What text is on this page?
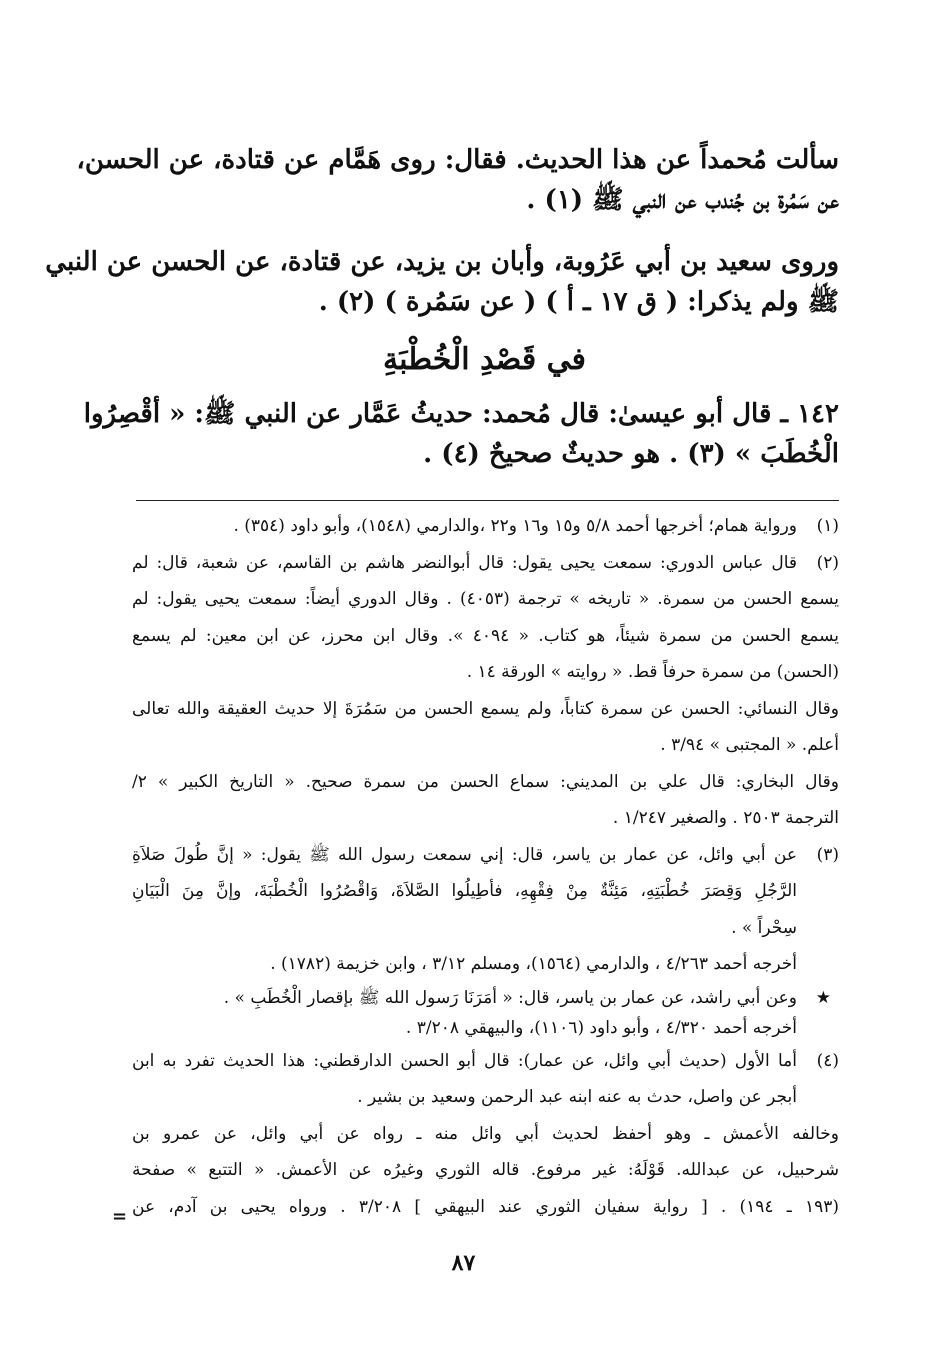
سألت مُحمداً عن هذا الحديث. فقال: روى هَمَّام عن قتادة، عن الحسن،
عن سَمُرة بن جُندب عن النبي ﷺ (١) .
وروى سعيد بن أبي عَرُوبة، وأبان بن يزيد، عن قتادة، عن الحسن عن النبي
ﷺ ولم يذكرا: ( ق ١٧ ـ أ ) ( عن سَمُرة ) (٢) .
في قَصْدِ الْخُطْبَةِ
١٤٢ ـ قال أبو عيسىٰ: قال مُحمد: حديثُ عَمَّار عن النبي ﷺ: « أقْصِرُوا
الْخُطَبَ » (٣) . هو حديثٌ صحيحٌ (٤) .
(١)ورواية همام؛ أخرجها أحمد ٥/٨ و١٥ و١٦ و٢٢ ،والدارمي (١٥٤٨)، وأبو داود (٣٥٤) .
(٢)قال عباس الدوري: سمعت يحيى يقول: قال أبوالنضر هاشم بن القاسم، عن شعبة، قال: لم
يسمع الحسن من سمرة. « تاريخه » ترجمة (٤٠٥٣) . وقال الدوري أيضاً: سمعت يحيى يقول: لم
يسمع الحسن من سمرة شيئاً، هو كتاب. « ٤٠٩٤ ». وقال ابن محرز، عن ابن معين: لم يسمع
(الحسن) من سمرة حرفاً قط. « روايته » الورقة ١٤ .
وقال النسائي: الحسن عن سمرة كتاباً، ولم يسمع الحسن من سَمُرَةَ إلا حديث العقيقة والله تعالى
أعلم. « المجتبى » ٣/٩٤ .
وقال البخاري: قال علي بن المديني: سماع الحسن من سمرة صحيح. « التاريخ الكبير » ٢/
الترجمة ٢٥٠٣ . والصغير ١/٢٤٧ .
(٣)عن أبي وائل، عن عمار بن ياسر، قال: إني سمعت رسول الله ﷺ يقول: « إنَّ طُولَ صَلاَةِ
الرَّجُلِ وَقِصَرَ خُطْبَتِهِ، مَئِنَّةٌ مِنْ فِقْهِهِ، فأطِيلُوا الصَّلاَةَ، وَاقْصُرُوا الْخُطْبَةَ، وإنَّ مِنَ الْبَيَانِ
سِحْراً » .
أخرجه أحمد ٤/٢٦٣ ، والدارمي (١٥٦٤)، ومسلم ٣/١٢ ، وابن خزيمة (١٧٨٢) .
★
وعن أبي راشد، عن عمار بن ياسر، قال: « أمَرَنَا رَسول الله ﷺ بإقصار الْخُطَبِ » .
أخرجه أحمد ٤/٣٢٠ ، وأبو داود (١١٠٦)، والبيهقي ٣/٢٠٨ .
(٤)أما الأول (حديث أبي وائل، عن عمار): قال أبو الحسن الدارقطني: هذا الحديث تفرد به ابن
أبجر عن واصل، حدث به عنه ابنه عبد الرحمن وسعيد بن بشير .
وخالفه الأعمش ـ وهو أحفظ لحديث أبي وائل منه ـ رواه عن أبي وائل، عن عمرو بن
شرحبيل، عن عبدالله. قَوْلَهُ: غير مرفوع. قاله الثوري وغيرُه عن الأعمش. « التتبع » صفحة
(١٩٣ ـ ١٩٤) . [ رواية سفيان الثوري عند البيهقي ] ٣/٢٠٨ . ورواه يحيى بن آدم، عن
=
٨٧
